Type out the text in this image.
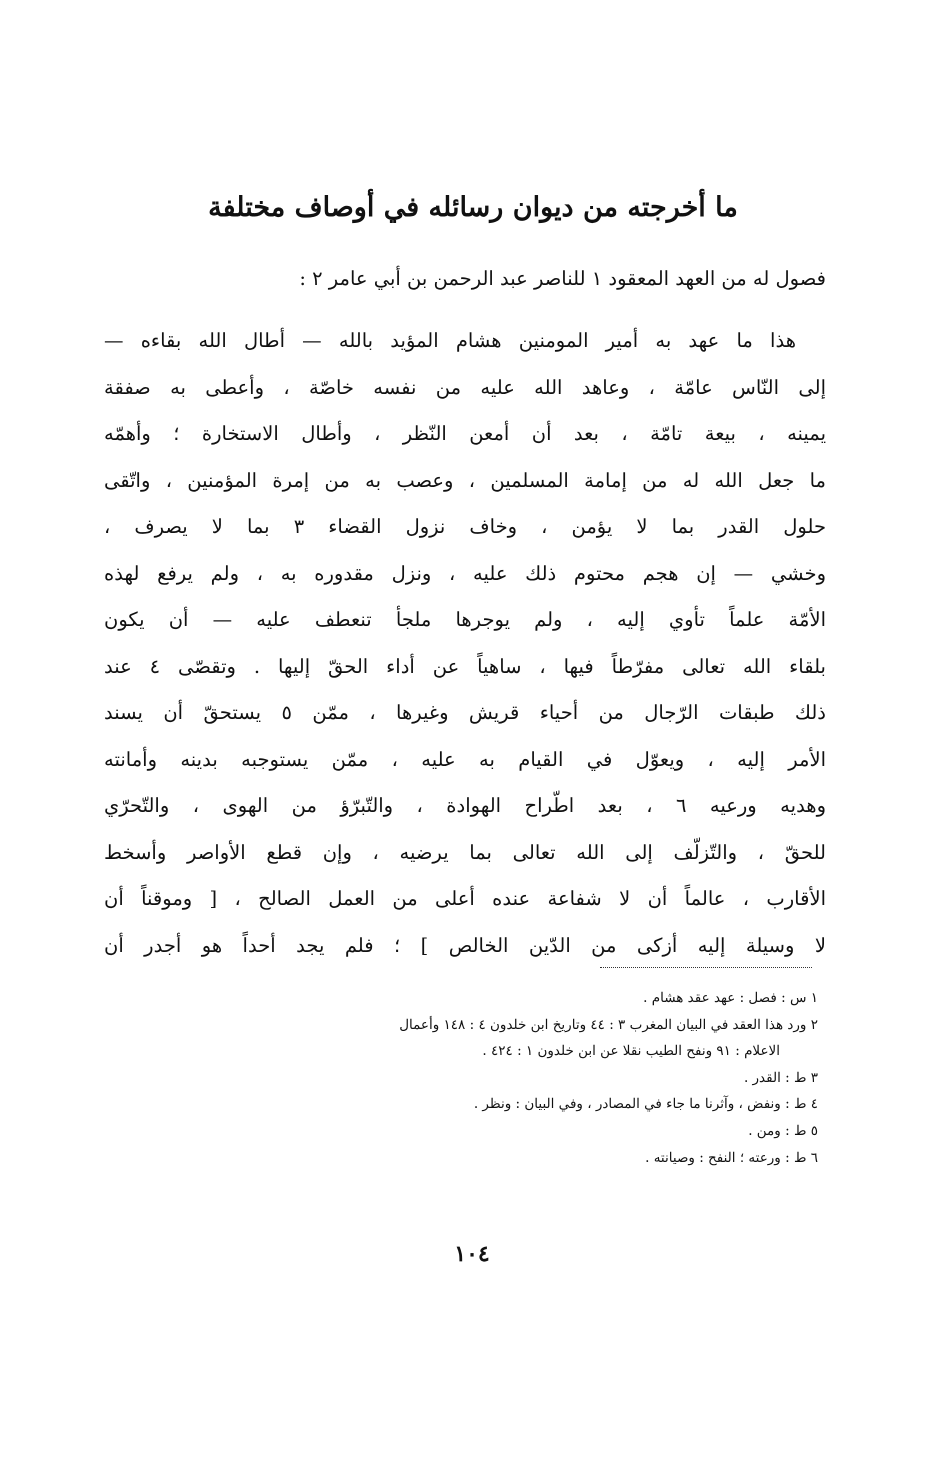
ما أخرجته من ديوان رسائله في أوصاف مختلفة
فصول له من العهد المعقود ١ للناصر عبد الرحمن بن أبي عامر ٢ :
هذا ما عهد به أمير المومنين هشام المؤيد بالله — أطال الله بقاءه —
إلى النّاس عامّة ، وعاهد الله عليه من نفسه خاصّة ، وأعطى به صفقة
يمينه ، بيعة تامّة ، بعد أن أمعن النّظر ، وأطال الاستخارة ؛ وأهمّه
ما جعل الله له من إمامة المسلمين ، وعصب به من إمرة المؤمنين ، واتّقى
حلول القدر بما لا يؤمن ، وخاف نزول القضاء ٣ بما لا يصرف ،
وخشي — إن هجم محتوم ذلك عليه ، ونزل مقدوره به ، ولم يرفع لهذه
الأمّة علماً تأوي إليه ، ولم يوجرها ملجأ تنعطف عليه — أن يكون
بلقاء الله تعالى مفرّطاً فيها ، ساهياً عن أداء الحقّ إليها . وتقصّى ٤ عند
ذلك طبقات الرّجال من أحياء قريش وغيرها ، ممّن ٥ يستحقّ أن يسند
الأمر إليه ، ويعوّل في القيام به عليه ، ممّن يستوجبه بدينه وأمانته
وهديه ورعيه ٦ ، بعد اطّراح الهوادة ، والتّبرّؤ من الهوى ، والتّحرّي
للحقّ ، والتّزلّف إلى الله تعالى بما يرضيه ، وإن قطع الأواصر وأسخط
الأقارب ، عالماً أن لا شفاعة عنده أعلى من العمل الصالح ، [ وموقناً أن
لا وسيلة إليه أزكى من الدّين الخالص ] ؛ فلم يجد أحداً هو أجدر أن
١ س : فصل : عهد عقد هشام .
٢ ورد هذا العقد في البيان المغرب ٣ : ٤٤ وتاريخ ابن خلدون ٤ : ١٤٨ وأعمال
الاعلام : ٩١ ونفح الطيب نقلا عن ابن خلدون ١ : ٤٢٤ .
٣ ط : القدر .
٤ ط : ونفض ، وآثرنا ما جاء في المصادر ، وفي البيان : ونظر .
٥ ط : ومن .
٦ ط : ورعته ؛ النفح : وصيانته .
١٠٤
